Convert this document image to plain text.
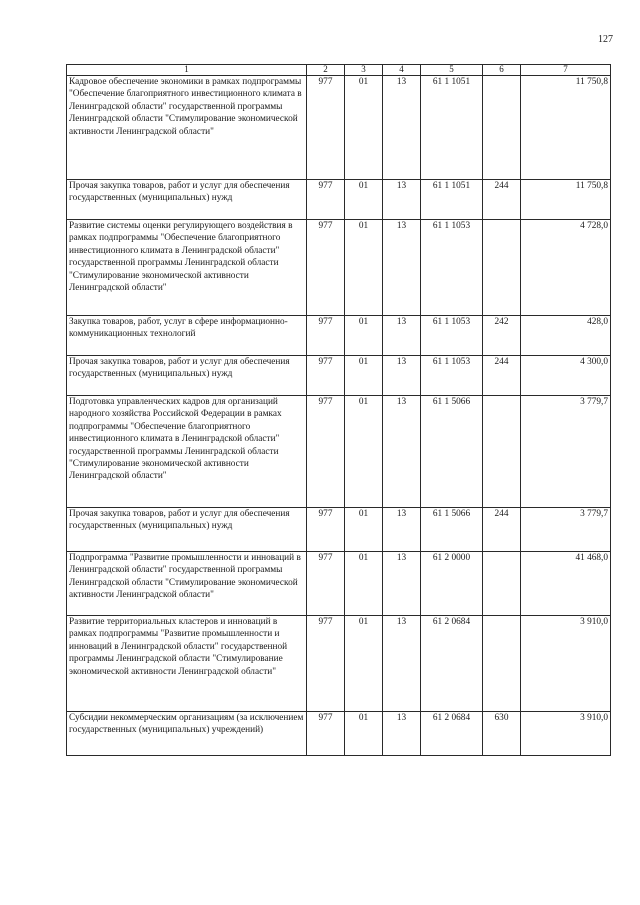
127
1	2	3	4	5	6	7
Кадровое обеспечение экономики в рамках подпрограммы "Обеспечение благоприятного инвестиционного климата в Ленинградской области" государственной программы Ленинградской области "Стимулирование экономической активности Ленинградской области"	977	01	13	61 1 1051		11 750,8
Прочая закупка товаров, работ и услуг для обеспечения государственных (муниципальных) нужд	977	01	13	61 1 1051	244	11 750,8
Развитие системы оценки регулирующего воздействия в рамках подпрограммы "Обеспечение благоприятного инвестиционного климата в Ленинградской области" государственной программы Ленинградской области "Стимулирование экономической активности Ленинградской области"	977	01	13	61 1 1053		4 728,0
Закупка товаров, работ, услуг в сфере информационно-коммуникационных технологий	977	01	13	61 1 1053	242	428,0
Прочая закупка товаров, работ и услуг для обеспечения государственных (муниципальных) нужд	977	01	13	61 1 1053	244	4 300,0
Подготовка управленческих кадров для организаций народного хозяйства Российской Федерации в рамках подпрограммы "Обеспечение благоприятного инвестиционного климата в Ленинградской области" государственной программы Ленинградской области "Стимулирование экономической активности Ленинградской области"	977	01	13	61 1 5066		3 779,7
Прочая закупка товаров, работ и услуг для обеспечения государственных (муниципальных) нужд	977	01	13	61 1 5066	244	3 779,7
Подпрограмма "Развитие промышленности и инноваций в Ленинградской области" государственной программы Ленинградской области "Стимулирование экономической активности Ленинградской области"	977	01	13	61 2 0000		41 468,0
Развитие территориальных кластеров и инноваций в рамках подпрограммы "Развитие промышленности и инноваций в Ленинградской области" государственной программы Ленинградской области "Стимулирование экономической активности Ленинградской области"	977	01	13	61 2 0684		3 910,0
Субсидии некоммерческим организациям (за исключением государственных (муниципальных) учреждений)	977	01	13	61 2 0684	630	3 910,0
